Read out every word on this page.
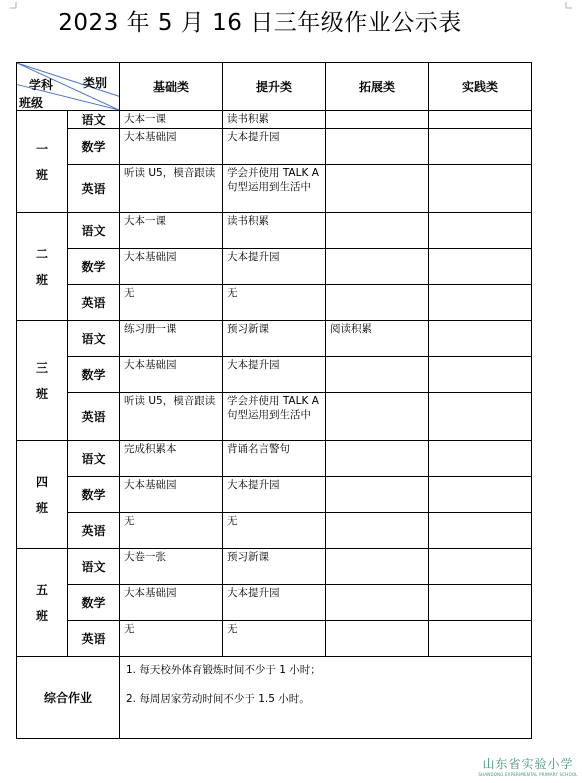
2023 年 5 月 16 日三年级作业公示表
学科 类别
班级		基础类	提升类	拓展类	实践类
一班	语文	大本一课	读书积累		
	数学	大本基础园	大本提升园		
	英语	听读 U5，模音跟读	学会并使用 TALK A 句型运用到生活中		
二班	语文	大本一课	读书积累		
	数学	大本基础园	大本提升园		
	英语	无	无		
三班	语文	练习册一课	预习新课	阅读积累	
	数学	大本基础园	大本提升园		
	英语	听读 U5，模音跟读	学会并使用 TALK A 句型运用到生活中		
四班	语文	完成积累本	背诵名言警句		
	数学	大本基础园	大本提升园		
	英语	无	无		
五班	语文	大卷一张	预习新课		
	数学	大本基础园	大本提升园		
	英语	无	无		
综合作业		1. 每天校外体育锻炼时间不少于 1 小时；
2. 每周居家劳动时间不少于 1.5 小时。			
山东省实验小学
SHANDONG EXPERIMENTAL PRIMARY SCHOOL
